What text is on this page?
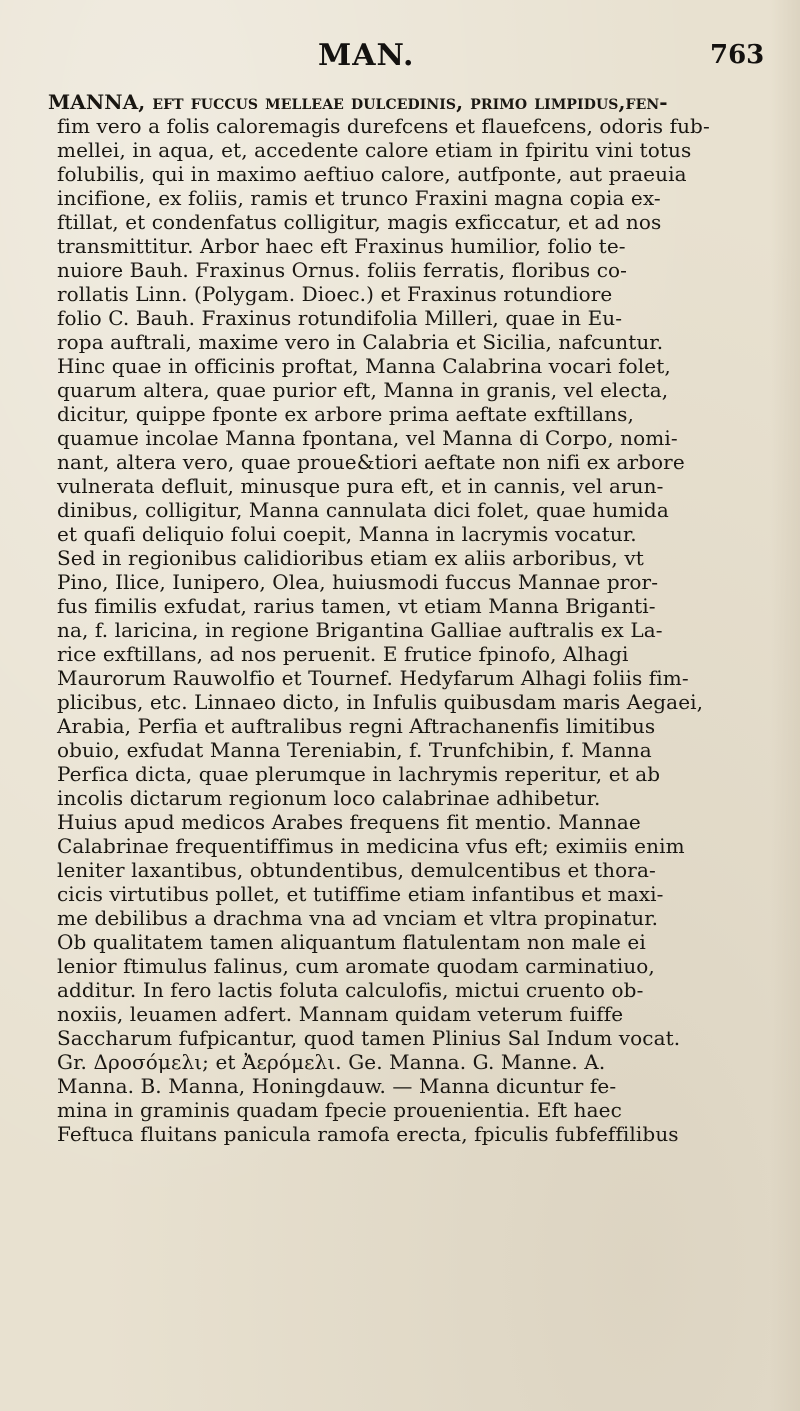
MAN.	763
MANNA, eft fuccus melleae dulcedinis, primo limpidus,fen-
fim vero a folis caloremagis durefcens et flauefcens, odoris fub-
mellei, in aqua, et, accedente calore etiam in fpiritu vini totus
folubilis, qui in maximo aeftiuo calore, autfponte, aut praeuia
incifione, ex foliis, ramis et trunco Fraxini magna copia ex-
ftillat, et condenfatus colligitur, magis exficcatur, et ad nos
transmittitur. Arbor haec eft Fraxinus humilior, folio te-
nuiore Bauh. Fraxinus Ornus. foliis ferratis, floribus co-
rollatis Linn. (Polygam. Dioec.) et Fraxinus rotundiore
folio C. Bauh. Fraxinus rotundifolia Milleri, quae in Eu-
ropa auftrali, maxime vero in Calabria et Sicilia, nafcuntur.
Hinc quae in officinis proftat, Manna Calabrina vocari folet,
quarum altera, quae purior eft, Manna in granis, vel electa,
dicitur, quippe fponte ex arbore prima aeftate exftillans,
quamue incolae Manna fpontana, vel Manna di Corpo, nomi-
nant, altera vero, quae proue&tiori aeftate non nifi ex arbore
vulnerata defluit, minusque pura eft, et in cannis, vel arun-
dinibus, colligitur, Manna cannulata dici folet, quae humida
et quafi deliquio folui coepit, Manna in lacrymis vocatur.
Sed in regionibus calidioribus etiam ex aliis arboribus, vt
Pino, Ilice, Iunipero, Olea, huiusmodi fuccus Mannae pror-
fus fimilis exfudat, rarius tamen, vt etiam Manna Briganti-
na, f. laricina, in regione Brigantina Galliae auftralis ex La-
rice exftillans, ad nos peruenit. E frutice fpinofo, Alhagi
Maurorum Rauwolfio et Tournef. Hedyfarum Alhagi foliis fim-
plicibus, etc. Linnaeo dicto, in Infulis quibusdam maris Aegaei,
Arabia, Perfia et auftralibus regni Aftrachanenfis limitibus
obuio, exfudat Manna Tereniabin, f. Trunfchibin, f. Manna
Perfica dicta, quae plerumque in lachrymis reperitur, et ab
incolis dictarum regionum loco calabrinae adhibetur.
Huius apud medicos Arabes frequens fit mentio. Mannae
Calabrinae frequentiffimus in medicina vfus eft; eximiis enim
leniter laxantibus, obtundentibus, demulcentibus et thora-
cicis virtutibus pollet, et tutiffime etiam infantibus et maxi-
me debilibus a drachma vna ad vnciam et vltra propinatur.
Ob qualitatem tamen aliquantum flatulentam non male ei
lenior ftimulus falinus, cum aromate quodam carminatiuo,
additur. In fero lactis foluta calculofis, mictui cruento ob-
noxiis, leuamen adfert. Mannam quidam veterum fuiffe
Saccharum fufpicantur, quod tamen Plinius Sal Indum vocat.
Gr. Δροσόμελι; et Ἀερόμελι. Ge. Manna. G. Manne. A.
Manna. B. Manna, Honingdauw. — Manna dicuntur fe-
mina in graminis quadam fpecie prouenientia. Eft haec
Feftuca fluitans panicula ramofa erecta, fpiculis fubfeffilibus
